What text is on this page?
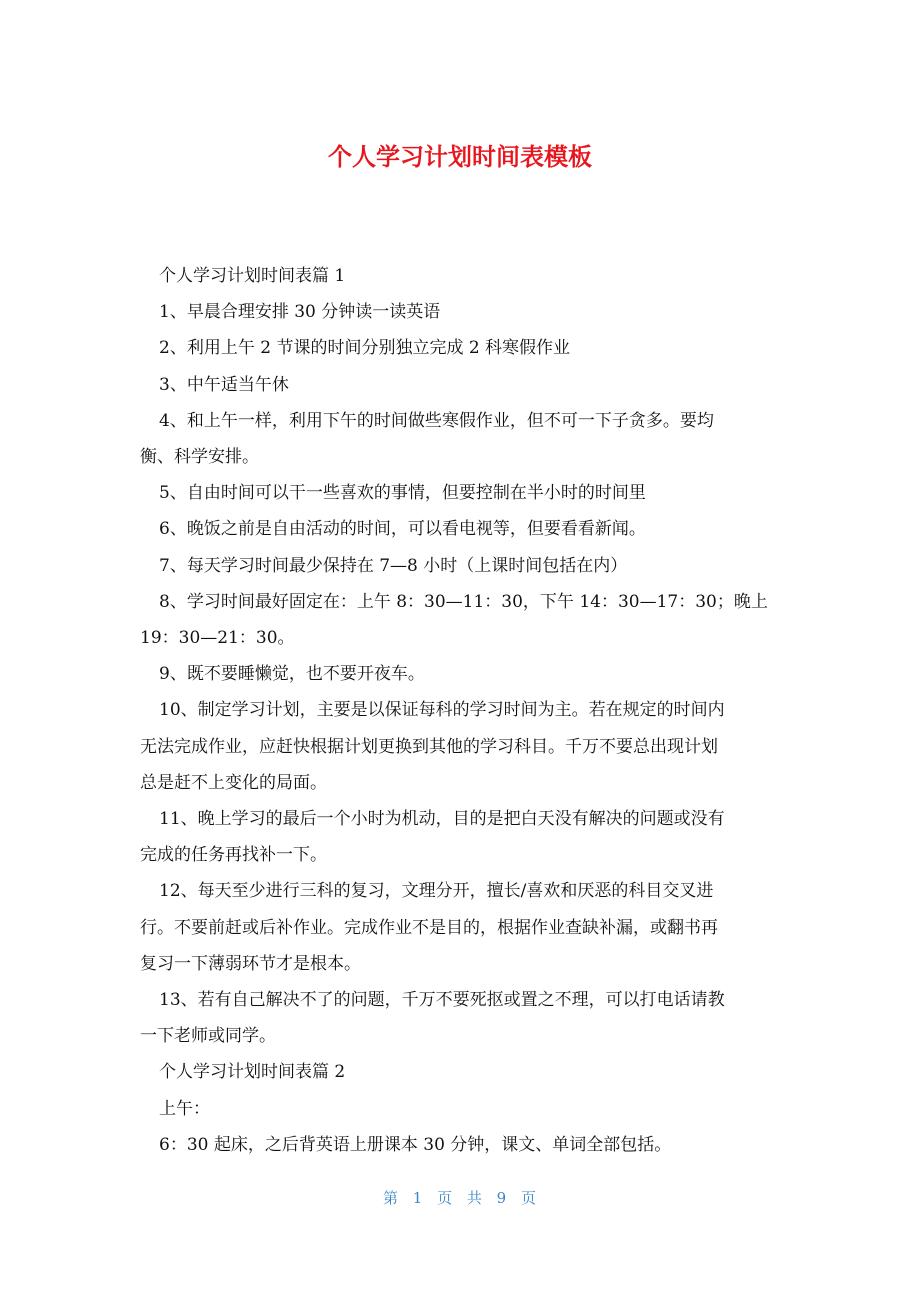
个人学习计划时间表模板

个人学习计划时间表篇 1

1、早晨合理安排 30 分钟读一读英语

2、利用上午 2 节课的时间分别独立完成 2 科寒假作业

3、中午适当午休

4、和上午一样，利用下午的时间做些寒假作业，但不可一下子贪多。要均
衡、科学安排。

5、自由时间可以干一些喜欢的事情，但要控制在半小时的时间里

6、晚饭之前是自由活动的时间，可以看电视等，但要看看新闻。

7、每天学习时间最少保持在 7—8 小时（上课时间包括在内）

8、学习时间最好固定在：上午 8：30—11：30，下午 14：30—17：30；晚上
19：30—21：30。

9、既不要睡懒觉，也不要开夜车。

10、制定学习计划，主要是以保证每科的学习时间为主。若在规定的时间内
无法完成作业，应赶快根据计划更换到其他的学习科目。千万不要总出现计划
总是赶不上变化的局面。

11、晚上学习的最后一个小时为机动，目的是把白天没有解决的问题或没有
完成的任务再找补一下。

12、每天至少进行三科的复习，文理分开，擅长/喜欢和厌恶的科目交叉进
行。不要前赶或后补作业。完成作业不是目的，根据作业查缺补漏，或翻书再
复习一下薄弱环节才是根本。

13、若有自己解决不了的问题，千万不要死抠或置之不理，可以打电话请教
一下老师或同学。

个人学习计划时间表篇 2

上午：

6：30 起床，之后背英语上册课本 30 分钟，课文、单词全部包括。

第 1 页 共 9 页
